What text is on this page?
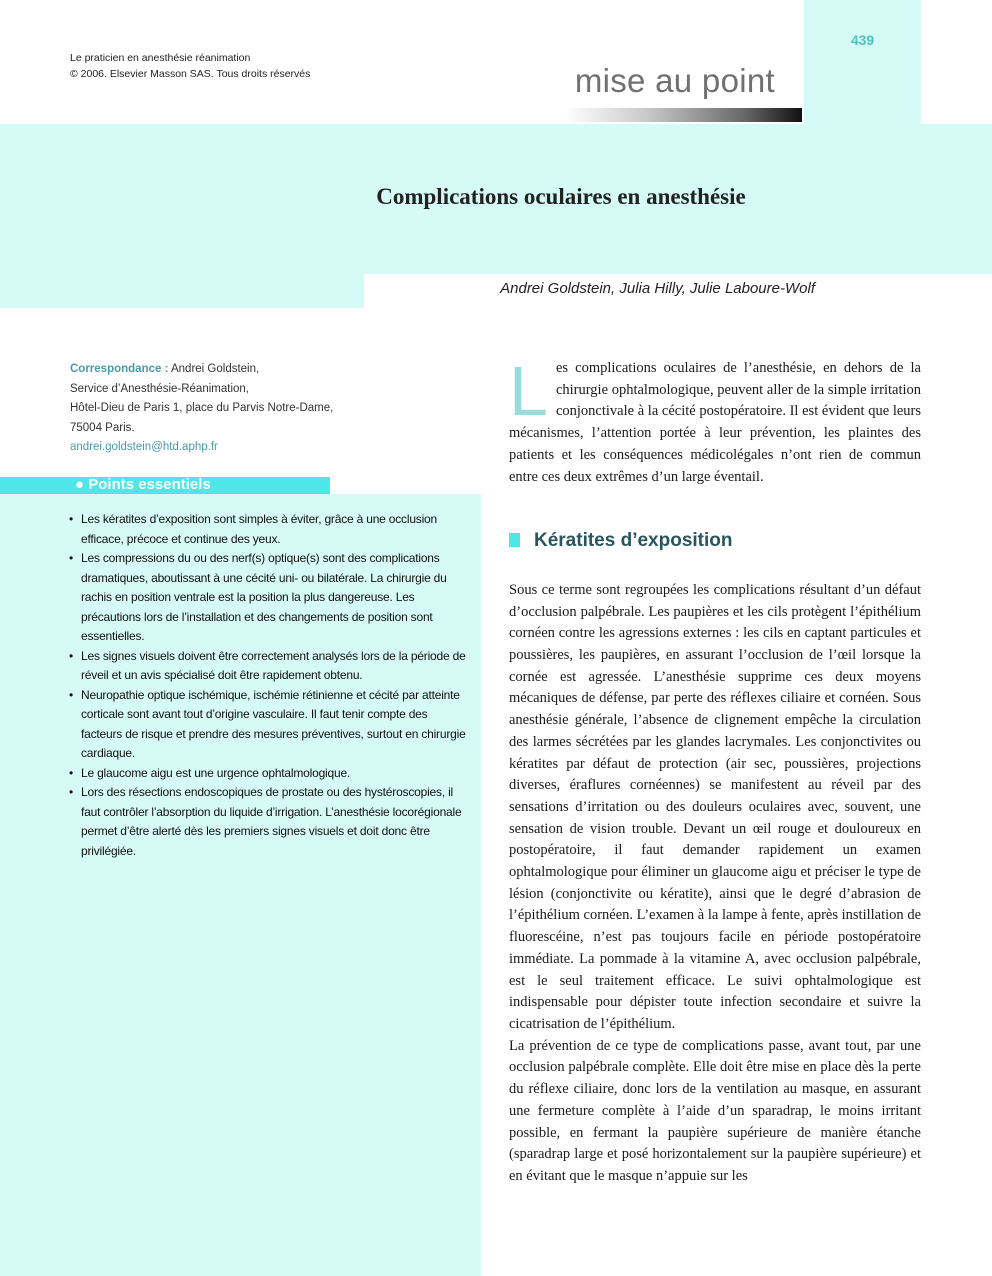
Le praticien en anesthésie réanimation
© 2006. Elsevier Masson SAS. Tous droits réservés
439
mise au point
Complications oculaires en anesthésie
Andrei Goldstein, Julia Hilly, Julie Laboure-Wolf
Correspondance : Andrei Goldstein,
Service d’Anesthésie-Réanimation,
Hôtel-Dieu de Paris 1, place du Parvis Notre-Dame,
75004 Paris.
andrei.goldstein@htd.aphp.fr
● Points essentiels
• Les kératites d’exposition sont simples à éviter, grâce à une occlusion efficace, précoce et continue des yeux.
• Les compressions du ou des nerf(s) optique(s) sont des complications dramatiques, aboutissant à une cécité uni- ou bilatérale. La chirurgie du rachis en position ventrale est la position la plus dangereuse. Les précautions lors de l’installation et des changements de position sont essentielles.
• Les signes visuels doivent être correctement analysés lors de la période de réveil et un avis spécialisé doit être rapidement obtenu.
• Neuropathie optique ischémique, ischémie rétinienne et cécité par atteinte corticale sont avant tout d’origine vasculaire. Il faut tenir compte des facteurs de risque et prendre des mesures préventives, surtout en chirurgie cardiaque.
• Le glaucome aigu est une urgence ophtalmologique.
• Lors des résections endoscopiques de prostate ou des hystéroscopies, il faut contrôler l’absorption du liquide d’irrigation. L’anesthésie locorégionale permet d’être alerté dès les premiers signes visuels et doit donc être privilégiée.

Les complications oculaires de l’anesthésie, en dehors de la chirurgie ophtalmologique, peuvent aller de la simple irritation conjonctivale à la cécité postopératoire. Il est évident que leurs mécanismes, l’attention portée à leur prévention, les plaintes des patients et les conséquences médicolégales n’ont rien de commun entre ces deux extrêmes d’un large éventail.

Kératites d’exposition

Sous ce terme sont regroupées les complications résultant d’un défaut d’occlusion palpébrale. Les paupières et les cils protègent l’épithélium cornéen contre les agressions externes : les cils en captant particules et poussières, les paupières, en assurant l’occlusion de l’œil lorsque la cornée est agressée. L’anesthésie supprime ces deux moyens mécaniques de défense, par perte des réflexes ciliaire et cornéen. Sous anesthésie générale, l’absence de clignement empêche la circulation des larmes sécrétées par les glandes lacrymales. Les conjonctivites ou kératites par défaut de protection (air sec, poussières, projections diverses, éraflures cornéennes) se manifestent au réveil par des sensations d’irritation ou des douleurs oculaires avec, souvent, une sensation de vision trouble. Devant un œil rouge et douloureux en postopératoire, il faut demander rapidement un examen ophtalmologique pour éliminer un glaucome aigu et préciser le type de lésion (conjonctivite ou kératite), ainsi que le degré d’abrasion de l’épithélium cornéen. L’examen à la lampe à fente, après instillation de fluorescéine, n’est pas toujours facile en période postopératoire immédiate. La pommade à la vitamine A, avec occlusion palpébrale, est le seul traitement efficace. Le suivi ophtalmologique est indispensable pour dépister toute infection secondaire et suivre la cicatrisation de l’épithélium.

La prévention de ce type de complications passe, avant tout, par une occlusion palpébrale complète. Elle doit être mise en place dès la perte du réflexe ciliaire, donc lors de la ventilation au masque, en assurant une fermeture complète à l’aide d’un sparadrap, le moins irritant possible, en fermant la paupière supérieure de manière étanche (sparadrap large et posé horizontalement sur la paupière supérieure) et en évitant que le masque n’appuie sur les
